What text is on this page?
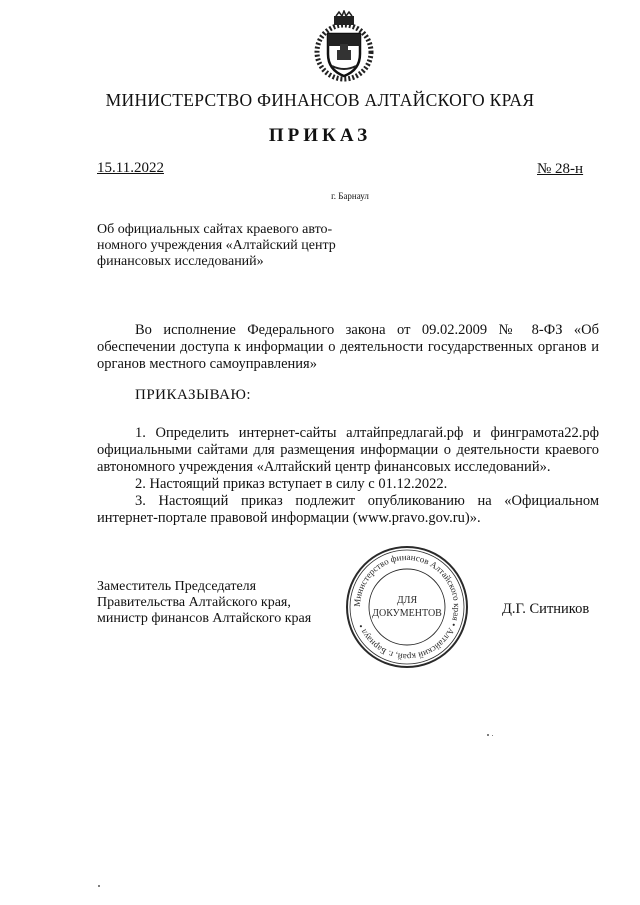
МИНИСТЕРСТВО ФИНАНСОВ АЛТАЙСКОГО КРАЯ
ПРИКАЗ
15.11.2022	№ 28-н
г. Барнаул
Об официальных сайтах краевого авто-
номного учреждения «Алтайский центр
финансовых исследований»
Во исполнение Федерального закона от 09.02.2009 № 8-ФЗ «Об обеспечении доступа к информации о деятельности государственных органов и органов местного самоуправления»
ПРИКАЗЫВАЮ:
1. Определить интернет-сайты алтайпредлагай.рф и финграмота22.рф официальными сайтами для размещения информации о деятельности краевого автономного учреждения «Алтайский центр финансовых исследований».
2. Настоящий приказ вступает в силу с 01.12.2022.
3. Настоящий приказ подлежит опубликованию на «Официальном интернет-портале правовой информации (www.pravo.gov.ru)».
Заместитель Председателя
Правительства Алтайского края,
министр финансов Алтайского края
Министерство финансов Алтайского края • Алтайский край, г. Барнаул •
ДЛЯ
ДОКУМЕНТОВ	Д.Г. Ситников
